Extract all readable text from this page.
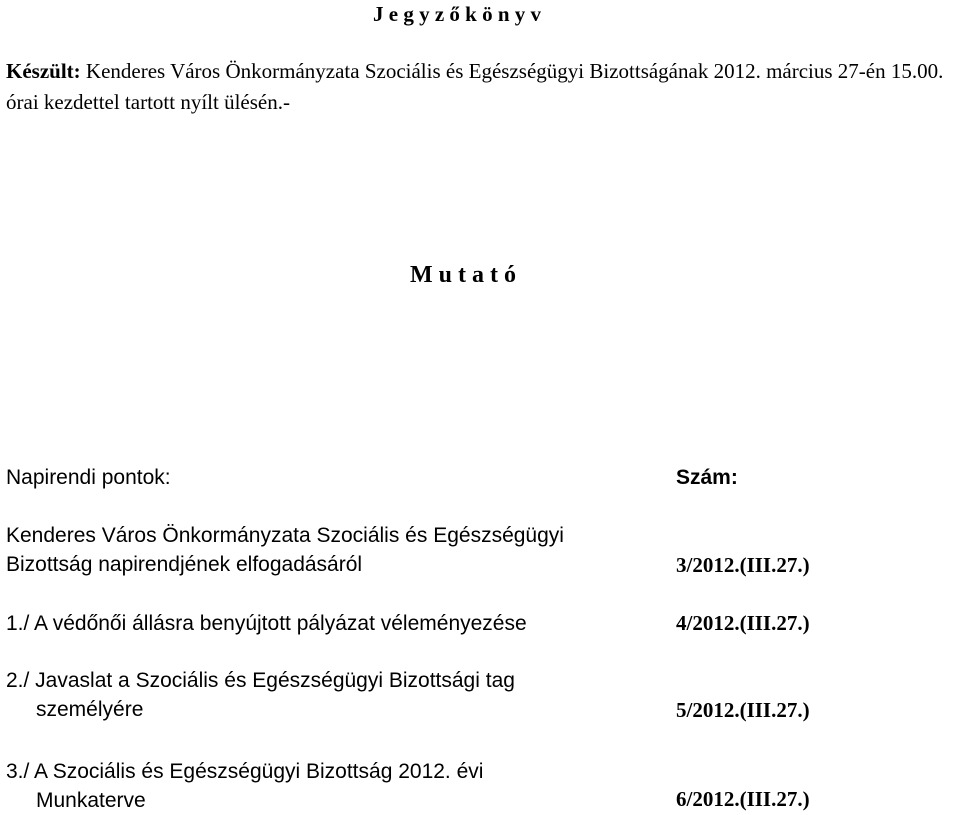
J e g y z ő k ö n y v
Készült: Kenderes Város Önkormányzata Szociális és Egészségügyi Bizottságának 2012. március 27-én 15.00. órai kezdettel tartott nyílt ülésén.-
M u t a t ó
Napirendi pontok:	Szám:
Kenderes Város Önkormányzata Szociális és Egészségügyi
Bizottság napirendjének elfogadásáról	3/2012.(III.27.)
1./ A védőnői állásra benyújtott pályázat véleményezése	4/2012.(III.27.)
2./ Javaslat a Szociális és Egészségügyi Bizottsági tag
személyére	5/2012.(III.27.)
3./ A Szociális és Egészségügyi Bizottság 2012. évi
Munkaterve	6/2012.(III.27.)
